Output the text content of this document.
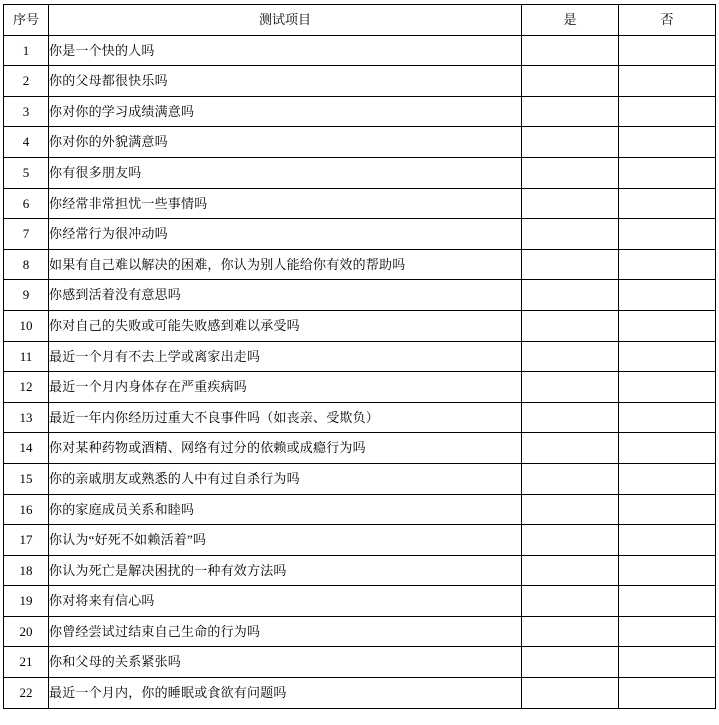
序号	测试项目	是	否
1	你是一个快的人吗		
2	你的父母都很快乐吗		
3	你对你的学习成绩满意吗		
4	你对你的外貌满意吗		
5	你有很多朋友吗		
6	你经常非常担忧一些事情吗		
7	你经常行为很冲动吗		
8	如果有自己难以解决的困难，你认为别人能给你有效的帮助吗		
9	你感到活着没有意思吗		
10	你对自己的失败或可能失败感到难以承受吗		
11	最近一个月有不去上学或离家出走吗		
12	最近一个月内身体存在严重疾病吗		
13	最近一年内你经历过重大不良事件吗（如丧亲、受欺负）		
14	你对某种药物或酒精、网络有过分的依赖或成瘾行为吗		
15	你的亲戚朋友或熟悉的人中有过自杀行为吗		
16	你的家庭成员关系和睦吗		
17	你认为“好死不如赖活着”吗		
18	你认为死亡是解决困扰的一种有效方法吗		
19	你对将来有信心吗		
20	你曾经尝试过结束自己生命的行为吗		
21	你和父母的关系紧张吗		
22	最近一个月内，你的睡眠或食欲有问题吗		
